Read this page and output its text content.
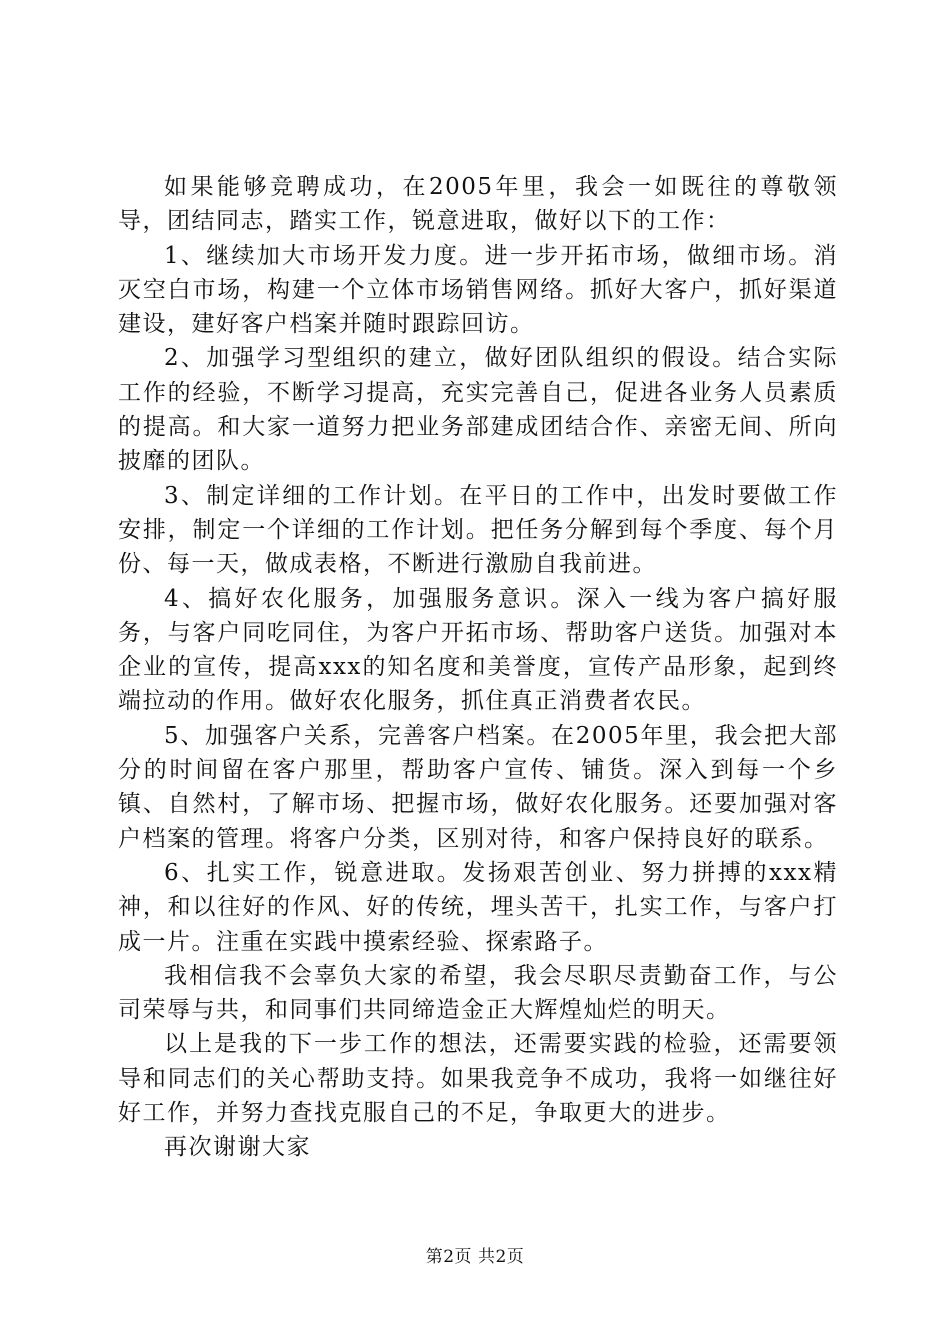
如果能够竞聘成功，在2005年里，我会一如既往的尊敬领导，团结同志，踏实工作，锐意进取，做好以下的工作：

1、继续加大市场开发力度。进一步开拓市场，做细市场。消灭空白市场，构建一个立体市场销售网络。抓好大客户，抓好渠道建设，建好客户档案并随时跟踪回访。

2、加强学习型组织的建立，做好团队组织的假设。结合实际工作的经验，不断学习提高，充实完善自己，促进各业务人员素质的提高。和大家一道努力把业务部建成团结合作、亲密无间、所向披靡的团队。

3、制定详细的工作计划。在平日的工作中，出发时要做工作安排，制定一个详细的工作计划。把任务分解到每个季度、每个月份、每一天，做成表格，不断进行激励自我前进。

4、搞好农化服务，加强服务意识。深入一线为客户搞好服务，与客户同吃同住，为客户开拓市场、帮助客户送货。加强对本企业的宣传，提高xxx的知名度和美誉度，宣传产品形象，起到终端拉动的作用。做好农化服务，抓住真正消费者农民。

5、加强客户关系，完善客户档案。在2005年里，我会把大部分的时间留在客户那里，帮助客户宣传、铺货。深入到每一个乡镇、自然村，了解市场、把握市场，做好农化服务。还要加强对客户档案的管理。将客户分类，区别对待，和客户保持良好的联系。

6、扎实工作，锐意进取。发扬艰苦创业、努力拼搏的xxx精神，和以往好的作风、好的传统，埋头苦干，扎实工作，与客户打成一片。注重在实践中摸索经验、探索路子。

我相信我不会辜负大家的希望，我会尽职尽责勤奋工作，与公司荣辱与共，和同事们共同缔造金正大辉煌灿烂的明天。

以上是我的下一步工作的想法，还需要实践的检验，还需要领导和同志们的关心帮助支持。如果我竞争不成功，我将一如继往好好工作，并努力查找克服自己的不足，争取更大的进步。

再次谢谢大家

第2页 共2页
